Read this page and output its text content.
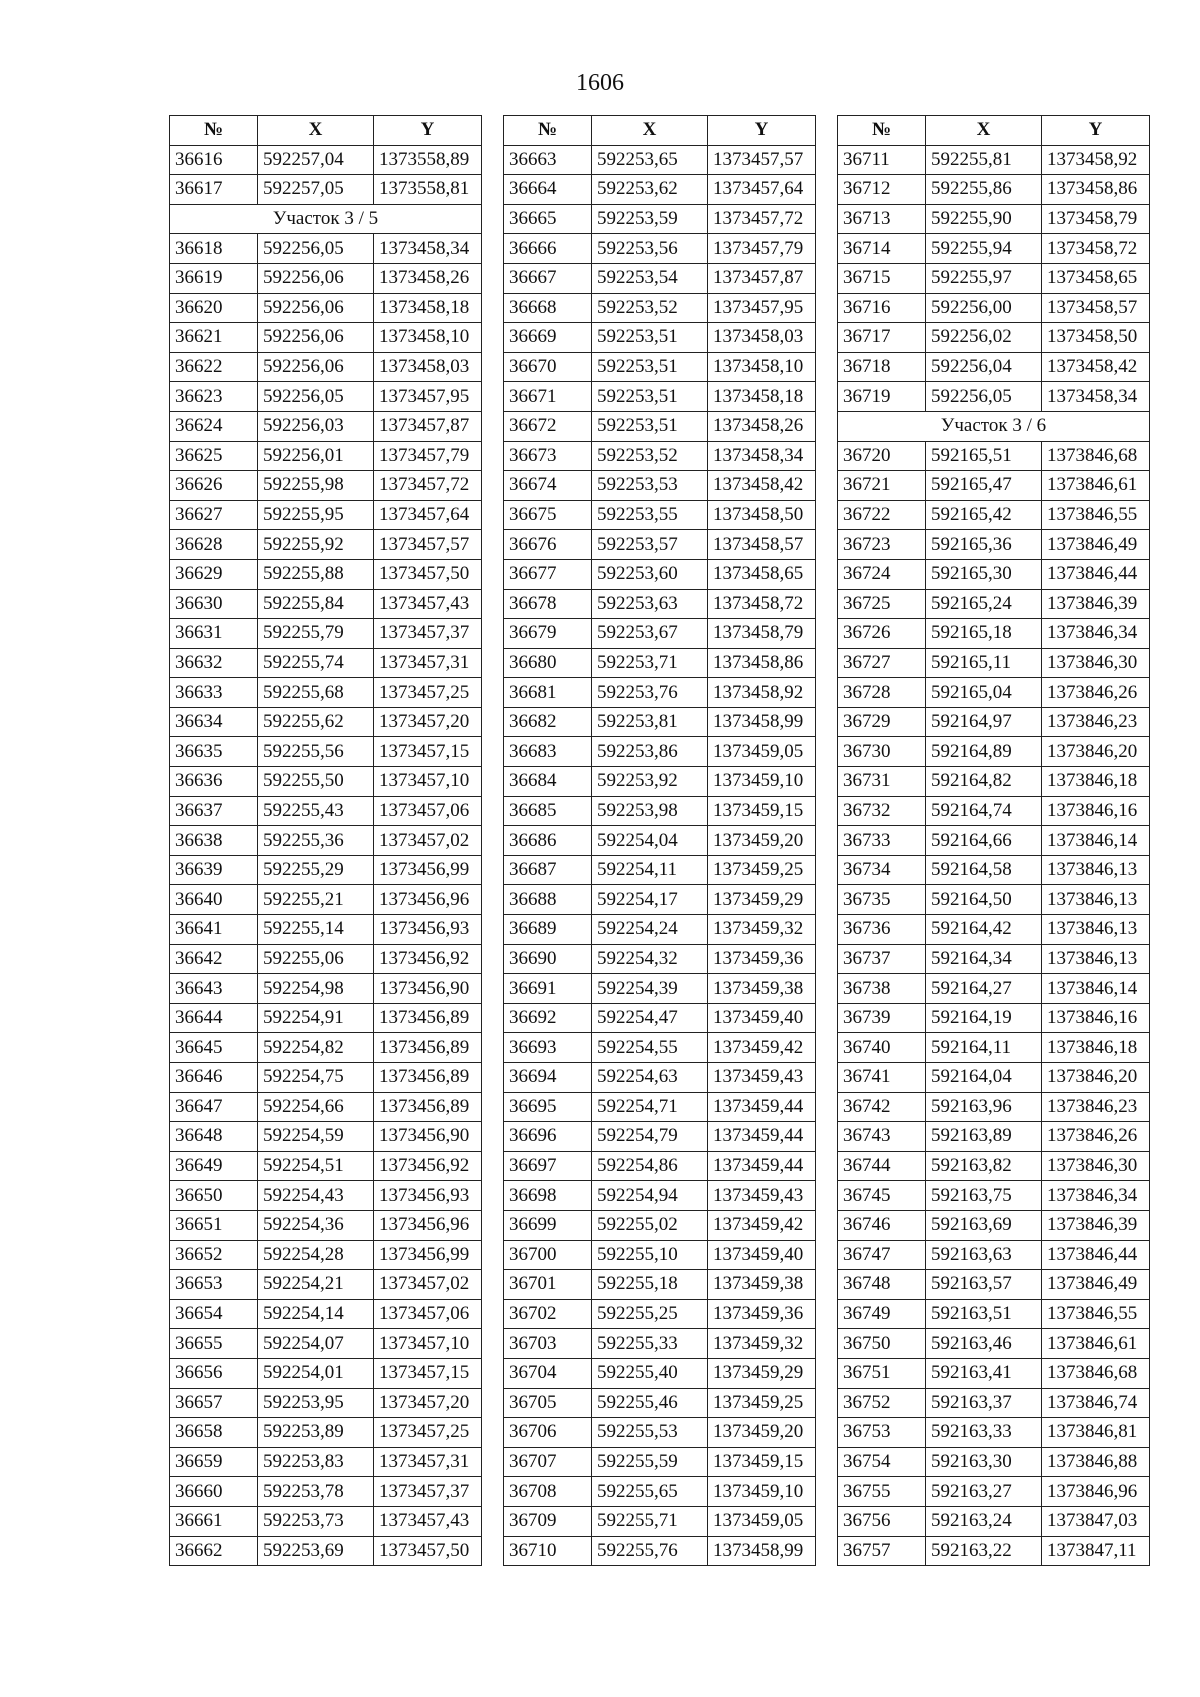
1606
№	X	Y
36616	592257,04	1373558,89
36617	592257,05	1373558,81
Участок 3 / 5		
36618	592256,05	1373458,34
36619	592256,06	1373458,26
36620	592256,06	1373458,18
36621	592256,06	1373458,10
36622	592256,06	1373458,03
36623	592256,05	1373457,95
36624	592256,03	1373457,87
36625	592256,01	1373457,79
36626	592255,98	1373457,72
36627	592255,95	1373457,64
36628	592255,92	1373457,57
36629	592255,88	1373457,50
36630	592255,84	1373457,43
36631	592255,79	1373457,37
36632	592255,74	1373457,31
36633	592255,68	1373457,25
36634	592255,62	1373457,20
36635	592255,56	1373457,15
36636	592255,50	1373457,10
36637	592255,43	1373457,06
36638	592255,36	1373457,02
36639	592255,29	1373456,99
36640	592255,21	1373456,96
36641	592255,14	1373456,93
36642	592255,06	1373456,92
36643	592254,98	1373456,90
36644	592254,91	1373456,89
36645	592254,82	1373456,89
36646	592254,75	1373456,89
36647	592254,66	1373456,89
36648	592254,59	1373456,90
36649	592254,51	1373456,92
36650	592254,43	1373456,93
36651	592254,36	1373456,96
36652	592254,28	1373456,99
36653	592254,21	1373457,02
36654	592254,14	1373457,06
36655	592254,07	1373457,10
36656	592254,01	1373457,15
36657	592253,95	1373457,20
36658	592253,89	1373457,25
36659	592253,83	1373457,31
36660	592253,78	1373457,37
36661	592253,73	1373457,43
36662	592253,69	1373457,50
№	X	Y
36663	592253,65	1373457,57
36664	592253,62	1373457,64
36665	592253,59	1373457,72
36666	592253,56	1373457,79
36667	592253,54	1373457,87
36668	592253,52	1373457,95
36669	592253,51	1373458,03
36670	592253,51	1373458,10
36671	592253,51	1373458,18
36672	592253,51	1373458,26
36673	592253,52	1373458,34
36674	592253,53	1373458,42
36675	592253,55	1373458,50
36676	592253,57	1373458,57
36677	592253,60	1373458,65
36678	592253,63	1373458,72
36679	592253,67	1373458,79
36680	592253,71	1373458,86
36681	592253,76	1373458,92
36682	592253,81	1373458,99
36683	592253,86	1373459,05
36684	592253,92	1373459,10
36685	592253,98	1373459,15
36686	592254,04	1373459,20
36687	592254,11	1373459,25
36688	592254,17	1373459,29
36689	592254,24	1373459,32
36690	592254,32	1373459,36
36691	592254,39	1373459,38
36692	592254,47	1373459,40
36693	592254,55	1373459,42
36694	592254,63	1373459,43
36695	592254,71	1373459,44
36696	592254,79	1373459,44
36697	592254,86	1373459,44
36698	592254,94	1373459,43
36699	592255,02	1373459,42
36700	592255,10	1373459,40
36701	592255,18	1373459,38
36702	592255,25	1373459,36
36703	592255,33	1373459,32
36704	592255,40	1373459,29
36705	592255,46	1373459,25
36706	592255,53	1373459,20
36707	592255,59	1373459,15
36708	592255,65	1373459,10
36709	592255,71	1373459,05
36710	592255,76	1373458,99
№	X	Y
36711	592255,81	1373458,92
36712	592255,86	1373458,86
36713	592255,90	1373458,79
36714	592255,94	1373458,72
36715	592255,97	1373458,65
36716	592256,00	1373458,57
36717	592256,02	1373458,50
36718	592256,04	1373458,42
36719	592256,05	1373458,34
Участок 3 / 6		
36720	592165,51	1373846,68
36721	592165,47	1373846,61
36722	592165,42	1373846,55
36723	592165,36	1373846,49
36724	592165,30	1373846,44
36725	592165,24	1373846,39
36726	592165,18	1373846,34
36727	592165,11	1373846,30
36728	592165,04	1373846,26
36729	592164,97	1373846,23
36730	592164,89	1373846,20
36731	592164,82	1373846,18
36732	592164,74	1373846,16
36733	592164,66	1373846,14
36734	592164,58	1373846,13
36735	592164,50	1373846,13
36736	592164,42	1373846,13
36737	592164,34	1373846,13
36738	592164,27	1373846,14
36739	592164,19	1373846,16
36740	592164,11	1373846,18
36741	592164,04	1373846,20
36742	592163,96	1373846,23
36743	592163,89	1373846,26
36744	592163,82	1373846,30
36745	592163,75	1373846,34
36746	592163,69	1373846,39
36747	592163,63	1373846,44
36748	592163,57	1373846,49
36749	592163,51	1373846,55
36750	592163,46	1373846,61
36751	592163,41	1373846,68
36752	592163,37	1373846,74
36753	592163,33	1373846,81
36754	592163,30	1373846,88
36755	592163,27	1373846,96
36756	592163,24	1373847,03
36757	592163,22	1373847,11
